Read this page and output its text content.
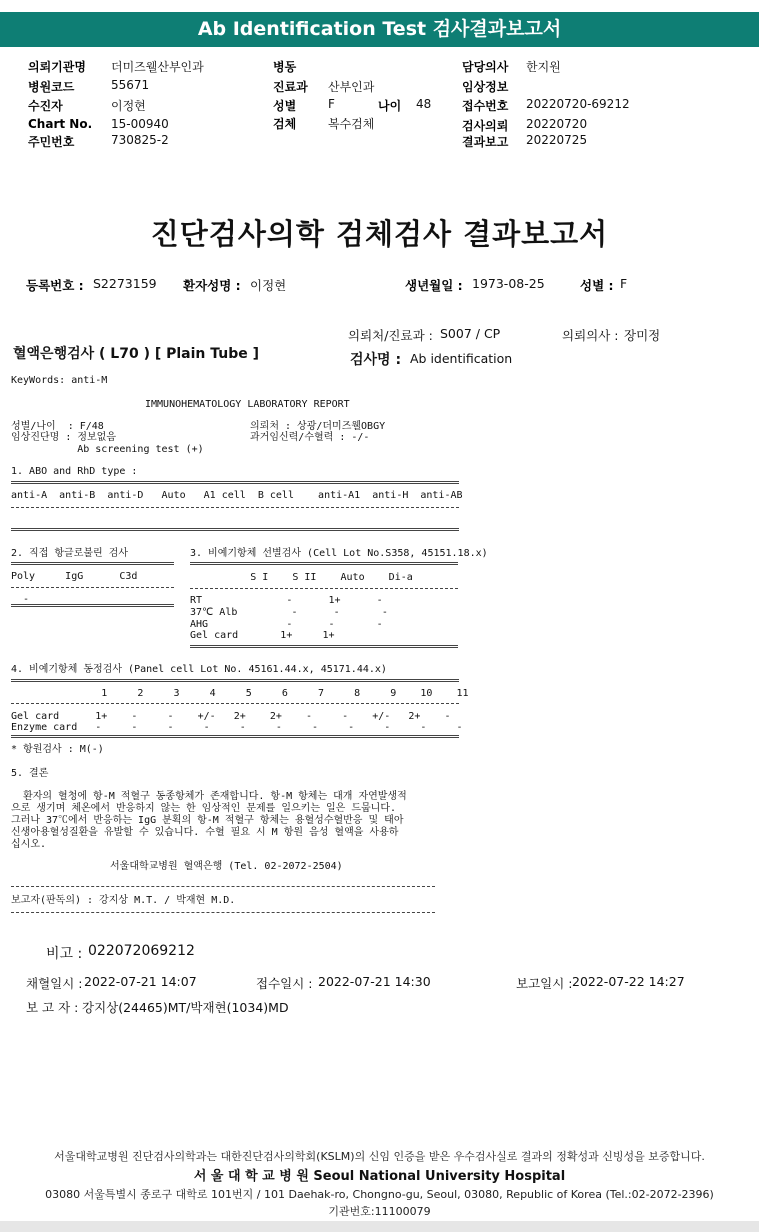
Ab Identification Test 검사결과보고서
의뢰기관명 더미즈웰산부인과	병동	담당의사 한지원
병원코드	55671	진료과 산부인과	임상정보
수진자	이정현	성별	F	나이 48	접수번호 20220720-69212
Chart No. 15-00940	검체	복수검체	검사의뢰 20220720
주민번호	730825-2	결과보고 20220725
진단검사의학 검체검사 결과보고서
등록번호 : S2273159 환자성명 : 이정현	생년월일 : 1973-08-25	성별 : F
의뢰처/진료과 : S007 / CP	의뢰의사 : 장미정
혈액은행검사 ( L70 ) [ Plain Tube ]	검사명 : Ab identification
KeyWords: anti-M
IMMUNOHEMATOLOGY LABORATORY REPORT
성별/나이  : F/48	의뢰처 : 상광/더미즈웰OBGY
임상진단명 : 정보없음	과거임신력/수혈력 : -/-
Ab screening test (+)
1. ABO and RhD type :
anti-A  anti-B  anti-D   Auto   A1 cell  B cell    anti-A1  anti-H  anti-AB
2. 직접 항글로불린 검사
Poly     IgG      C3d
-
3. 비예기항체 선별검사 (Cell Lot No.S358, 45151.18.x)
S I    S II    Auto    Di-a
RT              -      1+      -
37℃ Alb         -      -       -
AHG             -      -       -
Gel card       1+     1+
4. 비예기항체 동정검사 (Panel cell Lot No. 45161.44.x, 45171.44.x)
1     2     3     4     5     6     7     8     9    10    11
Gel card      1+    -     -    +/-   2+    2+    -     -    +/-   2+    -
Enzyme card   -     -     -     -     -     -     -     -     -     -     -
* 항원검사 : M(-)
5. 결론
환자의 혈청에 항-M 적혈구 동종항체가 존재합니다. 항-M 항체는 대개 자연발생적
으로 생기며 체온에서 반응하지 않는 한 임상적인 문제를 일으키는 일은 드뭅니다.
그러나 37℃에서 반응하는 IgG 분획의 항-M 적혈구 항체는 용혈성수혈반응 및 태아
신생아용혈성질환을 유발할 수 있습니다. 수혈 필요 시 M 항원 음성 혈액을 사용하
십시오.
서울대학교병원 혈액은행 (Tel. 02-2072-2504)
보고자(판독의) : 강지상 M.T. / 박재현 M.D.
비고 : 022072069212
채혈일시 : 2022-07-21 14:07	접수일시 : 2022-07-21 14:30	보고일시 : 2022-07-22 14:27
보 고 자 : 강지상(24465)MT/박재현(1034)MD
서울대학교병원 진단검사의학과는 대한진단검사의학회(KSLM)의 신임 인증을 받은 우수검사실로 결과의 정확성과 신빙성을 보증합니다.
서 울 대 학 교 병 원 Seoul National University Hospital
03080 서울특별시 종로구 대학로 101번지 / 101 Daehak-ro, Chongno-gu, Seoul, 03080, Republic of Korea (Tel.:02-2072-2396)
기관번호:11100079
